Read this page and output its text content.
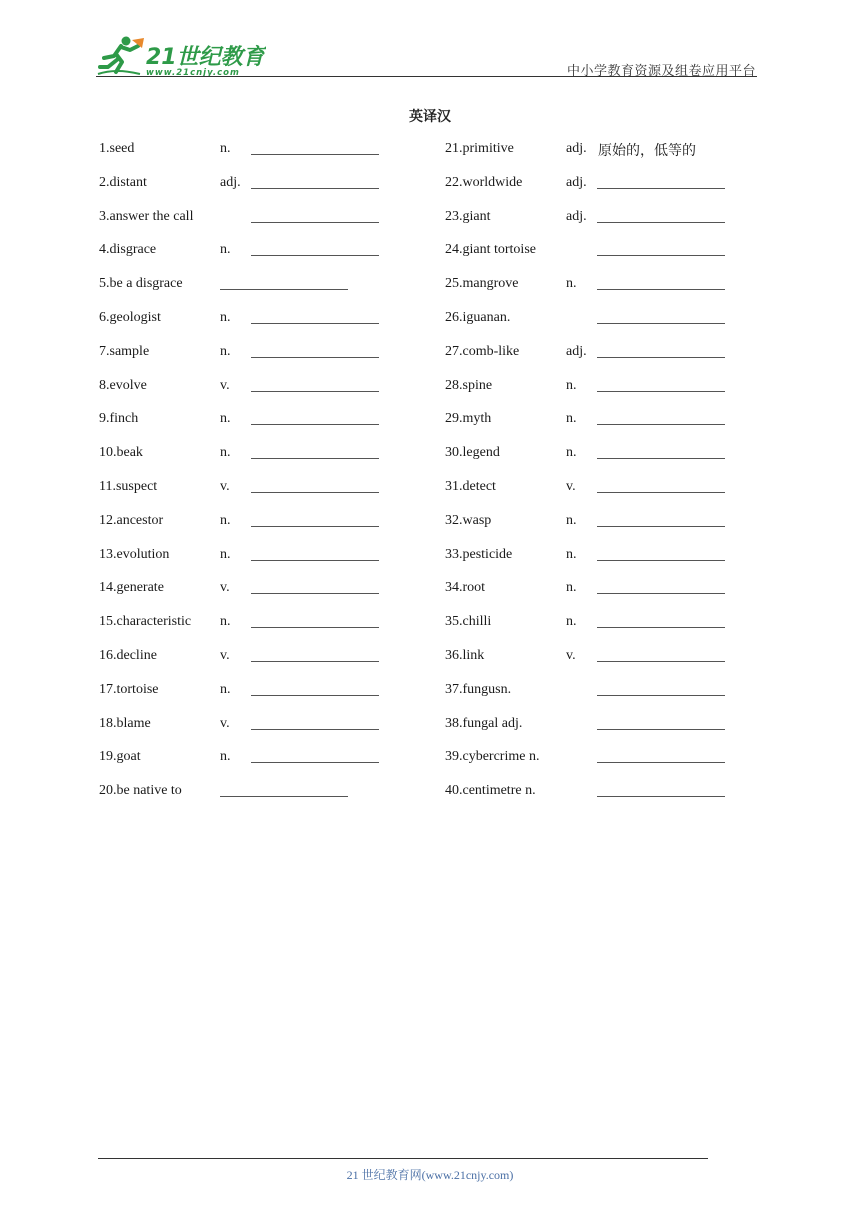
21世纪教育
www.21cnjy.com	中小学教育资源及组卷应用平台
英译汉
1.seed	n.	21.primitive	adj. 原始的，低等的
2.distant	adj.	22.worldwide	adj.
3.answer the call	23.giant	adj.
4.disgrace	n.	24.giant tortoise
5.be a disgrace	25.mangrove	n.
6.geologist	n.	26.iguanan.
7.sample	n.	27.comb-like	adj.
8.evolve	v.	28.spine	n.
9.finch	n.	29.myth	n.
10.beak	n.	30.legend	n.
11.suspect	v.	31.detect	v.
12.ancestor	n.	32.wasp	n.
13.evolution	n.	33.pesticide	n.
14.generate	v.	34.root	n.
15.characteristic n.	35.chilli	n.
16.decline	v.	36.link	v.
17.tortoise	n.	37.fungusn.
18.blame	v.	38.fungal adj.
19.goat	n.	39.cybercrime n.
20.be native to	40.centimetre n.
21 世纪教育网(www.21cnjy.com)
